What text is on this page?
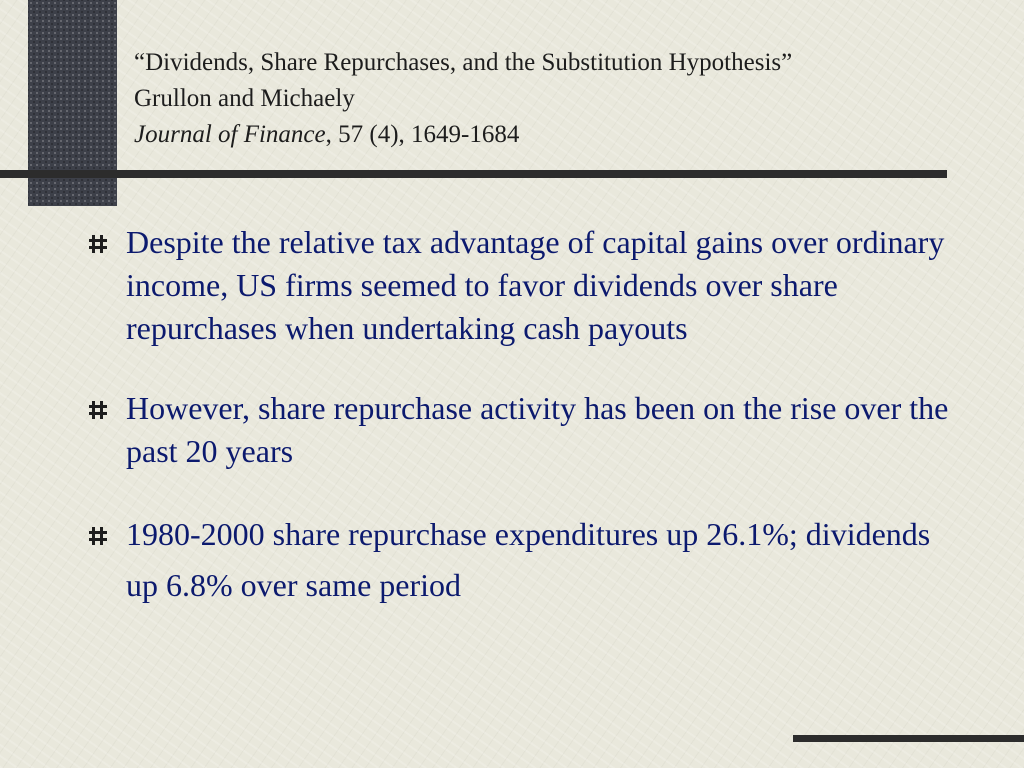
“Dividends, Share Repurchases, and the Substitution Hypothesis”
Grullon and Michaely
Journal of Finance, 57 (4), 1649-1684
Despite the relative tax advantage of capital gains over ordinary income, US firms seemed to favor dividends over share repurchases when undertaking cash payouts
However, share repurchase activity has been on the rise over the past 20 years
1980-2000 share repurchase expenditures up 26.1%; dividends up 6.8% over same period
